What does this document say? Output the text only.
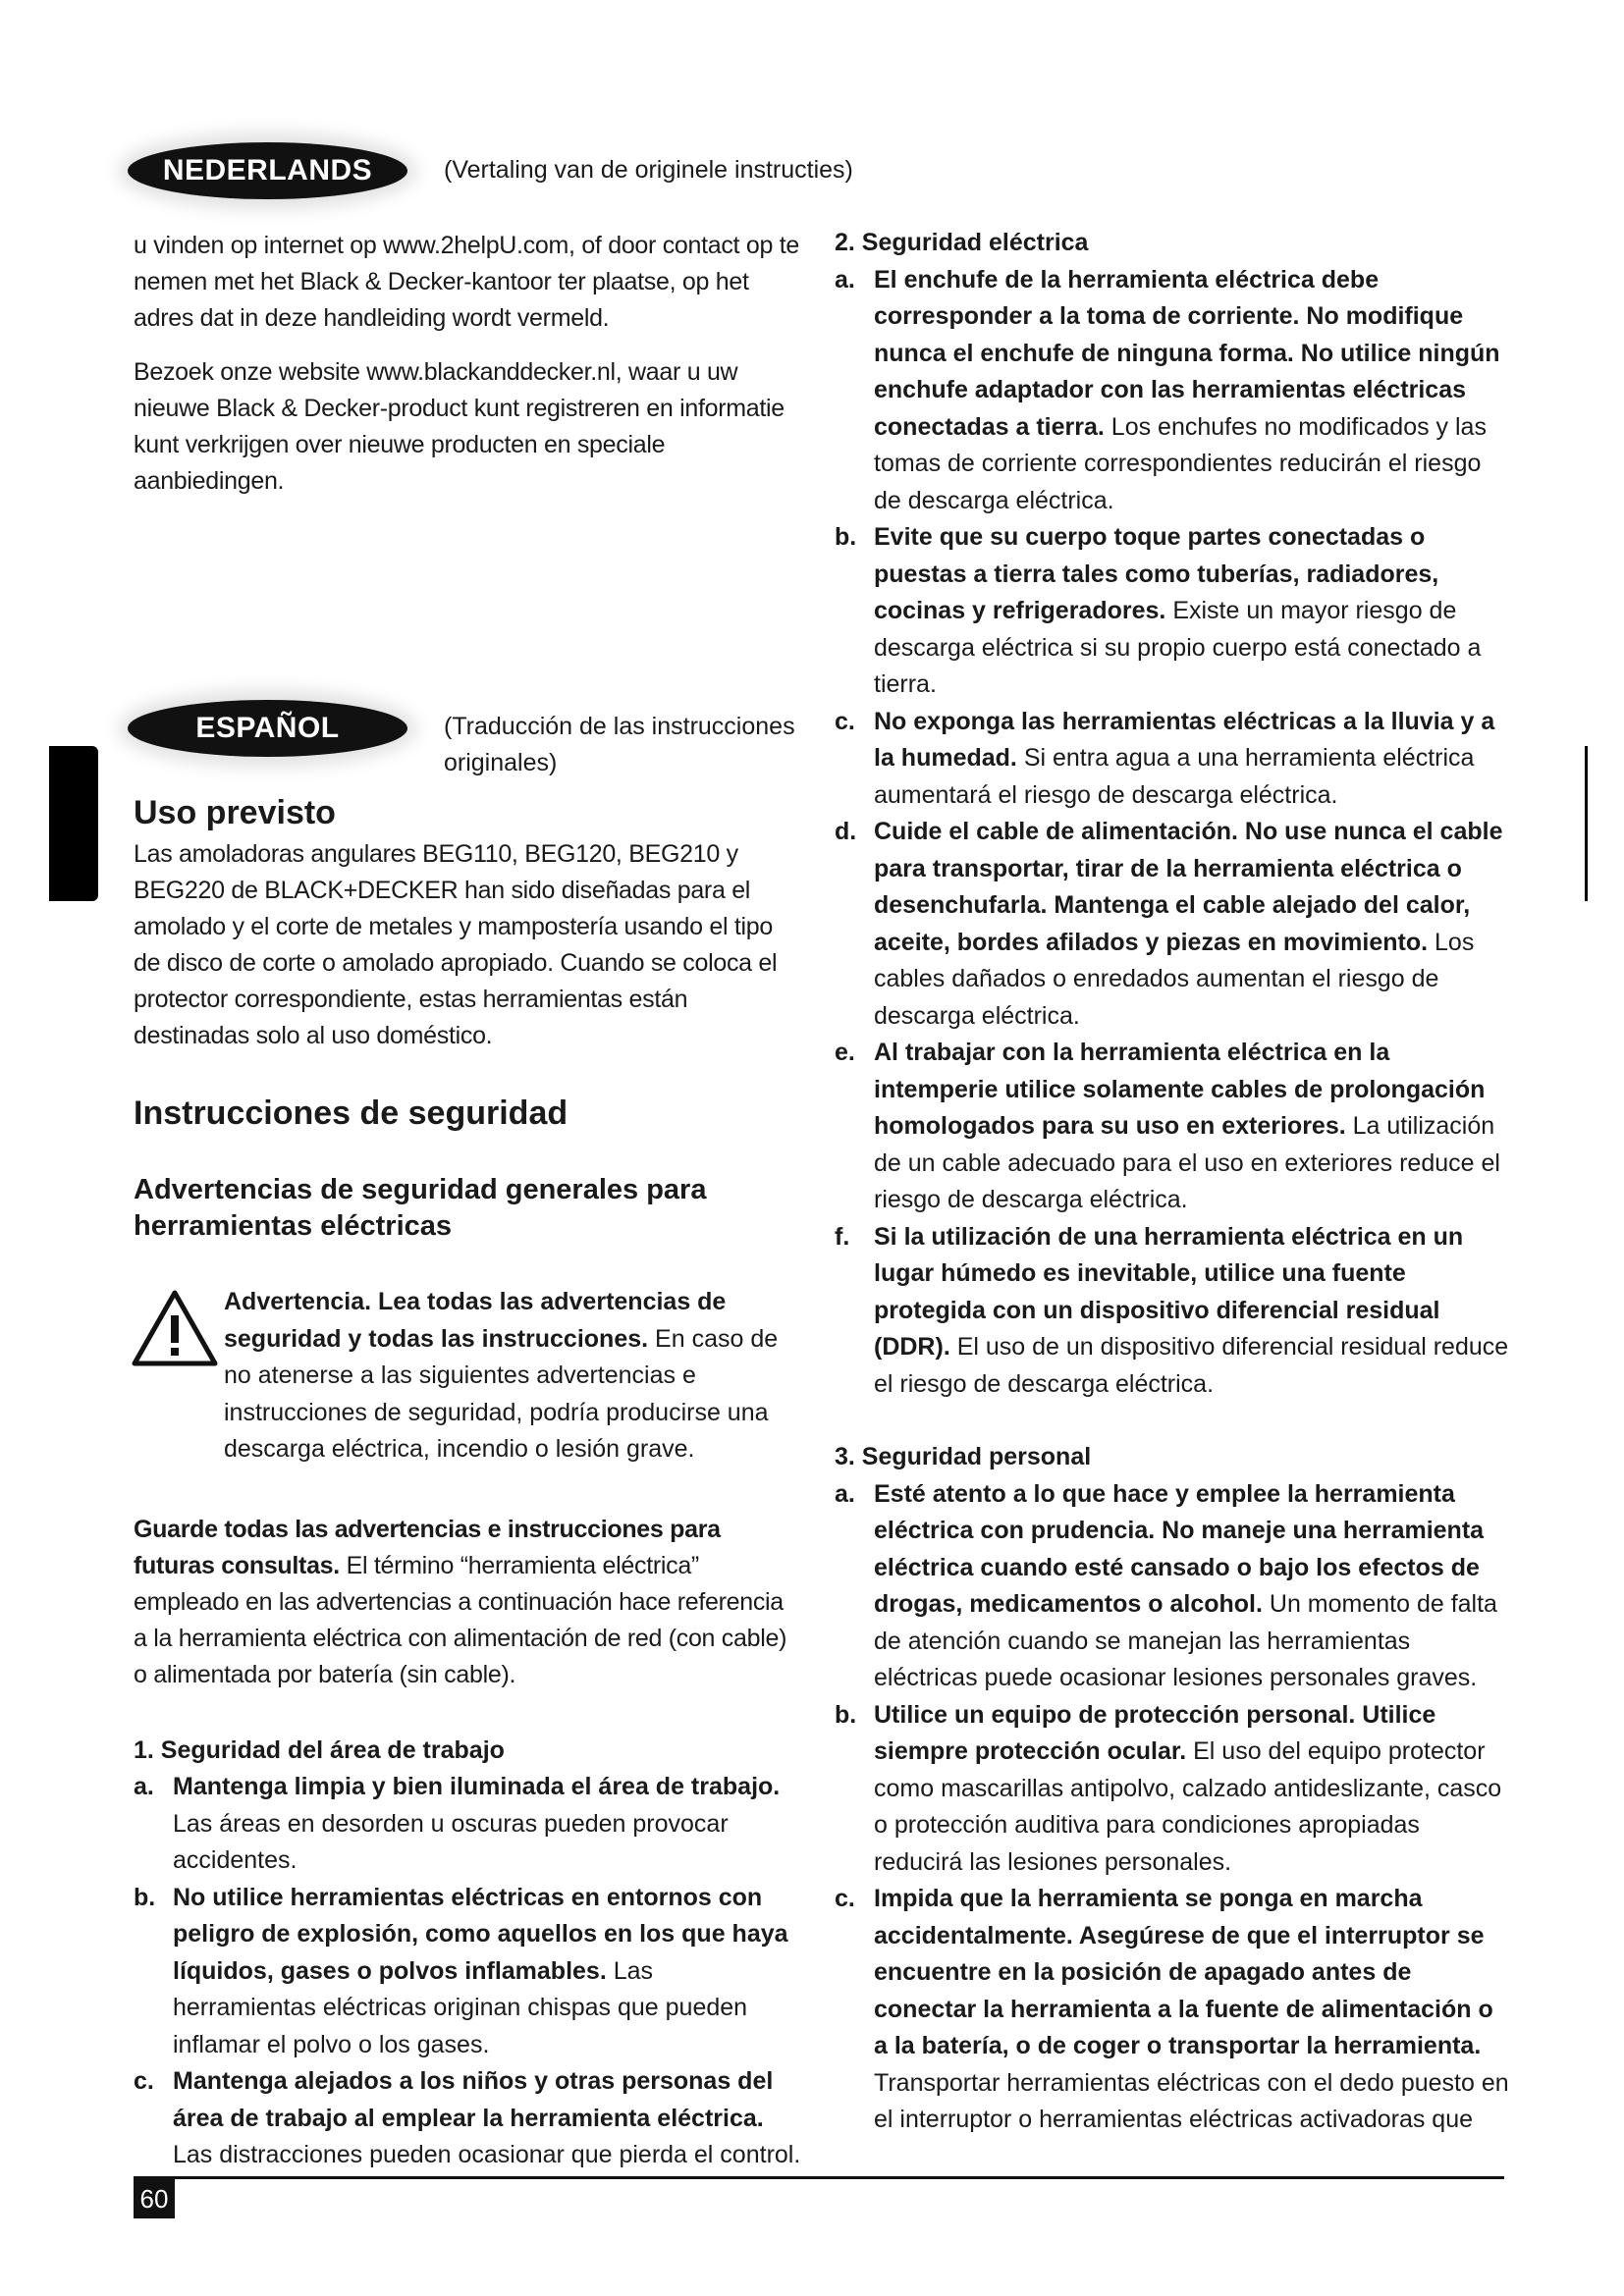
NEDERLANDS	(Vertaling van de originele instructies)

u vinden op internet op www.2helpU.com, of door contact op te nemen met het Black & Decker-kantoor ter plaatse, op het adres dat in deze handleiding wordt vermeld.

Bezoek onze website www.blackanddecker.nl, waar u uw nieuwe Black & Decker-product kunt registreren en informatie kunt verkrijgen over nieuwe producten en speciale aanbiedingen.

ESPAÑOL	(Traducción de las instrucciones originales)
Uso previsto

Las amoladoras angulares BEG110, BEG120, BEG210 y BEG220 de BLACK+DECKER han sido diseñadas para el amolado y el corte de metales y mampostería usando el tipo de disco de corte o amolado apropiado. Cuando se coloca el protector correspondiente, estas herramientas están destinadas solo al uso doméstico.

Instrucciones de seguridad
Advertencias de seguridad generales para herramientas eléctricas
Advertencia. Lea todas las advertencias de seguridad y todas las instrucciones. En caso de no atenerse a las siguientes advertencias e instrucciones de seguridad, podría producirse una descarga eléctrica, incendio o lesión grave.

Guarde todas las advertencias e instrucciones para futuras consultas. El término “herramienta eléctrica” empleado en las advertencias a continuación hace referencia a la herramienta eléctrica con alimentación de red (con cable) o alimentada por batería (sin cable).

1. Seguridad del área de trabajo
a. Mantenga limpia y bien iluminada el área de trabajo. Las áreas en desorden u oscuras pueden provocar accidentes.
b. No utilice herramientas eléctricas en entornos con peligro de explosión, como aquellos en los que haya líquidos, gases o polvos inflamables. Las herramientas eléctricas originan chispas que pueden inflamar el polvo o los gases.
c. Mantenga alejados a los niños y otras personas del área de trabajo al emplear la herramienta eléctrica. Las distracciones pueden ocasionar que pierda el control.
2. Seguridad eléctrica
a. El enchufe de la herramienta eléctrica debe corresponder a la toma de corriente. No modifique nunca el enchufe de ninguna forma. No utilice ningún enchufe adaptador con las herramientas eléctricas conectadas a tierra. Los enchufes no modificados y las tomas de corriente correspondientes reducirán el riesgo de descarga eléctrica.
b. Evite que su cuerpo toque partes conectadas o puestas a tierra tales como tuberías, radiadores, cocinas y refrigeradores. Existe un mayor riesgo de descarga eléctrica si su propio cuerpo está conectado a tierra.
c. No exponga las herramientas eléctricas a la lluvia y a la humedad. Si entra agua a una herramienta eléctrica aumentará el riesgo de descarga eléctrica.
d. Cuide el cable de alimentación. No use nunca el cable para transportar, tirar de la herramienta eléctrica o desenchufarla. Mantenga el cable alejado del calor, aceite, bordes afilados y piezas en movimiento. Los cables dañados o enredados aumentan el riesgo de descarga eléctrica.
e. Al trabajar con la herramienta eléctrica en la intemperie utilice solamente cables de prolongación homologados para su uso en exteriores. La utilización de un cable adecuado para el uso en exteriores reduce el riesgo de descarga eléctrica.
f. Si la utilización de una herramienta eléctrica en un lugar húmedo es inevitable, utilice una fuente protegida con un dispositivo diferencial residual (DDR). El uso de un dispositivo diferencial residual reduce el riesgo de descarga eléctrica.
3. Seguridad personal
a. Esté atento a lo que hace y emplee la herramienta eléctrica con prudencia. No maneje una herramienta eléctrica cuando esté cansado o bajo los efectos de drogas, medicamentos o alcohol. Un momento de falta de atención cuando se manejan las herramientas eléctricas puede ocasionar lesiones personales graves.
b. Utilice un equipo de protección personal. Utilice siempre protección ocular. El uso del equipo protector como mascarillas antipolvo, calzado antideslizante, casco o protección auditiva para condiciones apropiadas reducirá las lesiones personales.
c. Impida que la herramienta se ponga en marcha accidentalmente. Asegúrese de que el interruptor se encuentre en la posición de apagado antes de conectar la herramienta a la fuente de alimentación o a la batería, o de coger o transportar la herramienta. Transportar herramientas eléctricas con el dedo puesto en el interruptor o herramientas eléctricas activadoras que
60
